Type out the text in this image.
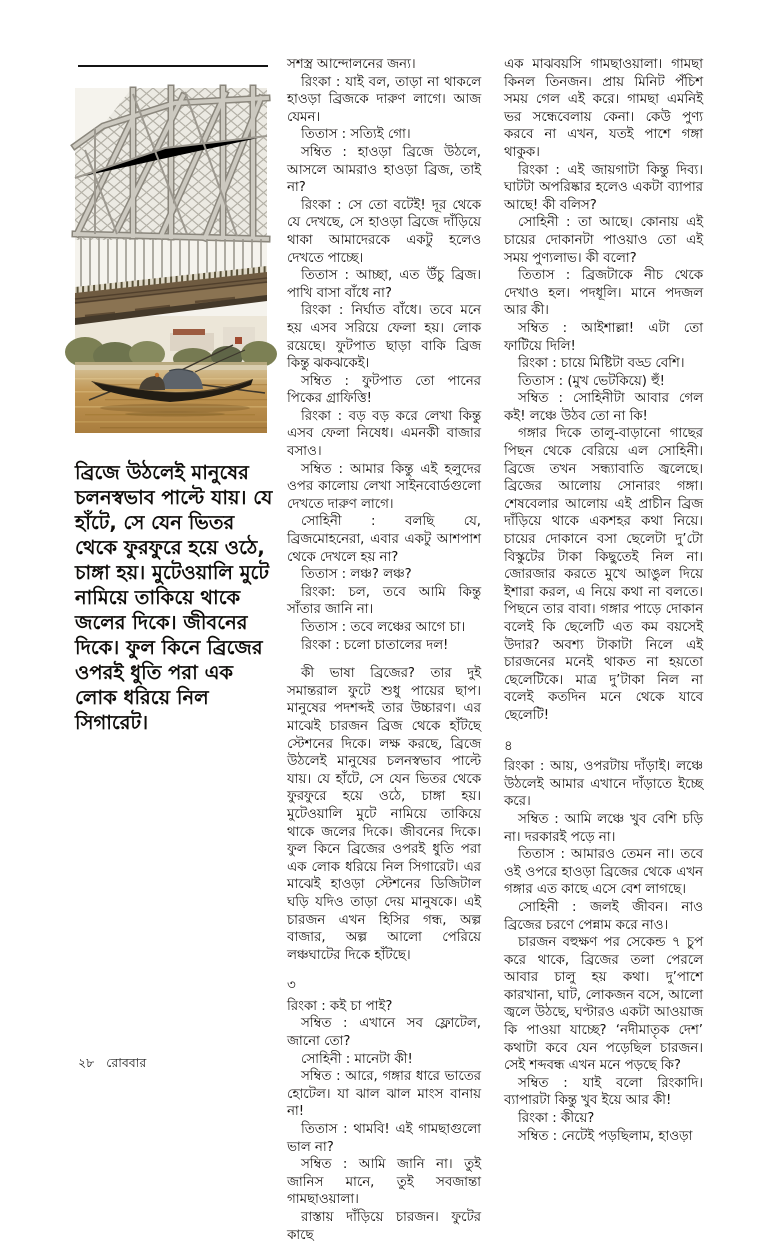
ব্রিজে উঠলেই মানুষের চলনস্বভাব পাল্টে যায়। যে হাঁটে, সে যেন ভিতর থেকে ফুরফুরে হয়ে ওঠে, চাঙ্গা হয়। মুটেওয়ালি মুটে নামিয়ে তাকিয়ে থাকে জলের দিকে। জীবনের দিকে। ফুল কিনে ব্রিজের ওপরই ধুতি পরা এক লোক ধরিয়ে নিল সিগারেট।

সশস্ত্র আন্দোলনের জন্য।

রিংকা : যাই বল, তাড়া না থাকলে হাওড়া ব্রিজকে দারুণ লাগে। আজ যেমন।

তিতাস : সত্যিই গো।

সম্বিত : হাওড়া ব্রিজে উঠলে, আসলে আমরাও হাওড়া ব্রিজ, তাই না?

রিংকা : সে তো বটেই! দূর থেকে যে দেখছে, সে হাওড়া ব্রিজে দাঁড়িয়ে থাকা আমাদেরকে একটু হলেও দেখতে পাচ্ছে।

তিতাস : আচ্ছা, এত উঁচু ব্রিজ। পাখি বাসা বাঁধে না?

রিংকা : নির্ঘাত বাঁধে। তবে মনে হয় এসব সরিয়ে ফেলা হয়। লোক রয়েছে। ফুটপাত ছাড়া বাকি ব্রিজ কিন্তু ঝকঝকেই।

সম্বিত : ফুটপাত তো পানের পিকের গ্রাফিত্তি!

রিংকা : বড় বড় করে লেখা কিন্তু এসব ফেলা নিষেধ। এমনকী বাজার বসাও।

সম্বিত : আমার কিন্তু এই হলুদের ওপর কালোয় লেখা সাইনবোর্ডগুলো দেখতে দারুণ লাগে।

সোহিনী : বলছি যে, ব্রিজমোহনেরা, এবার একটু আশপাশ থেকে দেখলে হয় না?

তিতাস : লঞ্চ? লঞ্চ?

রিংকা: চল, তবে আমি কিন্তু সাঁতার জানি না।

তিতাস : তবে লঞ্চের আগে চা।

রিংকা : চলো চাতালের দল!

কী ভাষা ব্রিজের? তার দুই সমান্তরাল ফুটে শুধু পায়ের ছাপ। মানুষের পদশব্দই তার উচ্চারণ। এর মাঝেই চারজন ব্রিজ থেকে হাঁটছে স্টেশনের দিকে। লক্ষ করছে, ব্রিজে উঠলেই মানুষের চলনস্বভাব পাল্টে যায়। যে হাঁটে, সে যেন ভিতর থেকে ফুরফুরে হয়ে ওঠে, চাঙ্গা হয়। মুটেওয়ালি মুটে নামিয়ে তাকিয়ে থাকে জলের দিকে। জীবনের দিকে। ফুল কিনে ব্রিজের ওপরই ধুতি পরা এক লোক ধরিয়ে নিল সিগারেট। এর মাঝেই হাওড়া স্টেশনের ডিজিটাল ঘড়ি যদিও তাড়া দেয় মানুষকে। এই চারজন এখন হিসির গন্ধ, অল্প বাজার, অল্প আলো পেরিয়ে লঞ্চঘাটের দিকে হাঁটছে।

৩

রিংকা : কই চা পাই?

সম্বিত : এখানে সব ফ্লোটেল, জানো তো?

সোহিনী : মানেটা কী!

সম্বিত : আরে, গঙ্গার ধারে ভাতের হোটেল। যা ঝাল ঝাল মাংস বানায় না!

তিতাস : থামবি! এই গামছাগুলো ভাল না?

সম্বিত : আমি জানি না। তুই জানিস মানে, তুই সবজান্তা গামছাওয়ালা।

রাস্তায় দাঁড়িয়ে চারজন। ফুটের কাছে

এক মাঝবয়সি গামছাওয়ালা। গামছা কিনল তিনজন। প্রায় মিনিট পঁচিশ সময় গেল এই করে। গামছা এমনিই ভর সন্ধেবেলায় কেনা। কেউ পুণ্য করবে না এখন, যতই পাশে গঙ্গা থাকুক।

রিংকা : এই জায়গাটা কিন্তু দিব্য। ঘাটটা অপরিষ্কার হলেও একটা ব্যাপার আছে! কী বলিস?

সোহিনী : তা আছে। কোনায় এই চায়ের দোকানটা পাওয়াও তো এই সময় পুণ্যলাভ। কী বলো?

তিতাস : ব্রিজটাকে নীচ থেকে দেখাও হল। পদধূলি। মানে পদজল আর কী।

সম্বিত : আইশাল্লা! এটা তো ফাটিয়ে দিলি!

রিংকা : চায়ে মিষ্টিটা বড্ড বেশি।

তিতাস : (মুখ ভেটকিয়ে) হুঁ!

সম্বিত : সোহিনীটা আবার গেল কই! লঞ্চে উঠব তো না কি!

গঙ্গার দিকে তালু-বাড়ানো গাছের পিছন থেকে বেরিয়ে এল সোহিনী। ব্রিজে তখন সন্ধ্যাবাতি জ্বলেছে। ব্রিজের আলোয় সোনারং গঙ্গা। শেষবেলার আলোয় এই প্রাচীন ব্রিজ দাঁড়িয়ে থাকে একশহর কথা নিয়ে। চায়ের দোকানে বসা ছেলেটা দু’টো বিস্কুটের টাকা কিছুতেই নিল না। জোরজার করতে মুখে আঙুল দিয়ে ইশারা করল, এ নিয়ে কথা না বলতে। পিছনে তার বাবা। গঙ্গার পাড়ে দোকান বলেই কি ছেলেটি এত কম বয়সেই উদার? অবশ্য টাকাটা নিলে এই চারজনের মনেই থাকত না হয়তো ছেলেটিকে। মাত্র দু’টাকা নিল না বলেই কতদিন মনে থেকে যাবে ছেলেটি!

৪

রিংকা : আয়, ওপরটায় দাঁড়াই। লঞ্চে উঠলেই আমার এখানে দাঁড়াতে ইচ্ছে করে।

সম্বিত : আমি লঞ্চে খুব বেশি চড়ি না। দরকারই পড়ে না।

তিতাস : আমারও তেমন না। তবে ওই ওপরে হাওড়া ব্রিজের থেকে এখন গঙ্গার এত কাছে এসে বেশ লাগছে।

সোহিনী : জলই জীবন। নাও ব্রিজের চরণে পেন্নাম করে নাও।

চারজন বহুক্ষণ পর সেকেন্ড ৭ চুপ করে থাকে, ব্রিজের তলা পেরলে আবার চালু হয় কথা। দু’পাশে কারখানা, ঘাট, লোকজন বসে, আলো জ্বলে উঠছে, ঘণ্টারও একটা আওয়াজ কি পাওয়া যাচ্ছে? ‘নদীমাতৃক দেশ’ কথাটা কবে যেন পড়েছিল চারজন। সেই শব্দবন্ধ এখন মনে পড়ছে কি?

সম্বিত : যাই বলো রিংকাদি। ব্যাপারটা কিন্তু খুব ইয়ে আর কী!

রিংকা : কীয়ে?

সম্বিত : নেটেই পড়ছিলাম, হাওড়া

২৮ রোববার
